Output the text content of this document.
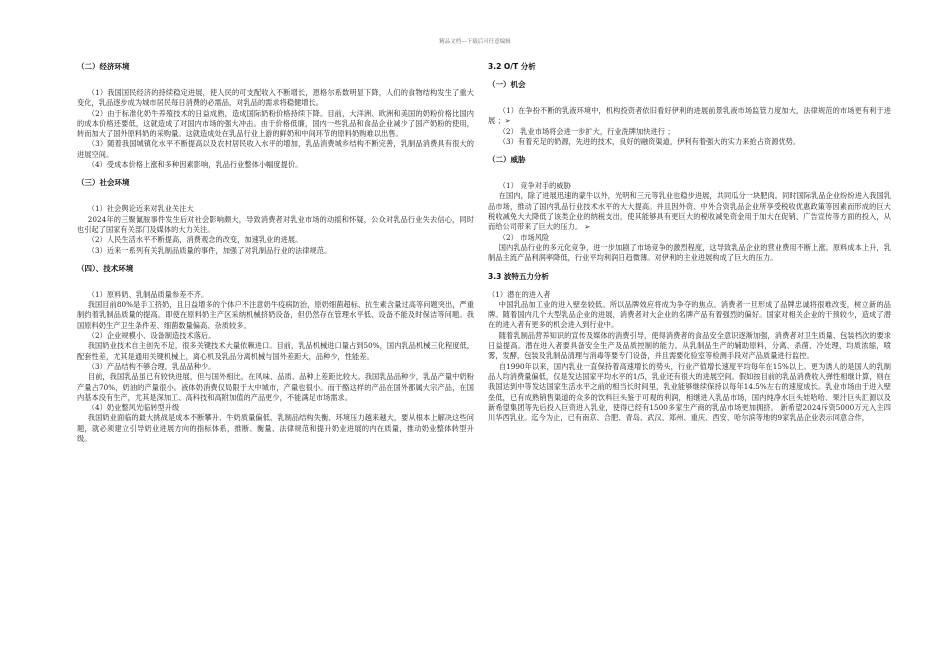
精品文档---下载后可任意编辑
（二）经济环境

（1）我国国民经济的持续稳定进展，使人民的可支配收入不断增长，恩格尔系数明显下降，人们的食物结构发生了重大变化，乳品逐步成为城市居民每日消费的必需品，对乳品的需求将稳健增长。

（2）由于标准化奶牛养殖技术的日益成熟，造成国际奶粉价格持续下降。目前，大洋洲、欧洲和美国的奶粉价格比国内的成本价格还要低，这就造成了对国内市场的强大冲击。由于价格低廉，国内一些乳品和食品企业减少了国产奶粉的使用，转而加大了国外原料奶的采购量。这就造成处在乳品行业上游的鲜奶和中间环节的原料奶购难以出售。

（3）随着我国城镇化水平不断提高以及农村居民收入水平的增加，乳品消费城乡结构不断完善，乳制品消费具有很大的进展空间。

（4）受成本价格上涨和多种因素影响，乳品行业整体小幅度提价。

（三）社会环境

（1）社会舆论近来对乳业关注大

2024年的三聚氰胺事件发生后对社会影响颇大，导致消费者对乳业市场的动摇和怀疑，公众对乳品行业失去信心，同时也引起了国家有关部门及媒体的大力关注。

（2）人民生活水平不断提高，消费观念的改变，加速乳业的进展。

（3）近来一系列有关乳制品质量的事件，加强了对乳制品行业的法律规范。

（四）、技术环境

（1）原料奶、乳制品质量参差不齐。

我国目前80%是手工挤奶，且日益增多的个体户不注意奶牛疫病防治，原奶细菌超标、抗生素含量过高等问题突出，严重制约着乳制品质量的提高。即使在原料奶主产区采纳机械挤奶设备，但仍然存在管理水平低、设备不能及时保洁等问题。我国原料奶生产卫生条件差、细菌数量偏高、杂质较多。

（2）企业规模小、设备制造技术落后。

我国奶业技术自主创先不足，很多关键技术大量依赖进口。目前，乳品机械进口量占到50%，国内乳品机械三化程度低，配套性差，尤其是通用关键机械上，离心机及乳品分离机械与国外差距大，品种少，性能差。

（3）产品结构不够合理，乳品品种少。

目前，我国乳品虽已有较快进展，但与国外相比，在风味、品质、品种上差距比较大。我国乳品品种少，乳品产量中奶粉产量占70%，奶油的产量很小。液体奶消费仅局限于大中城市，产量也很小。而干酪这样的产品在国外都属大宗产品，在国内基本没有生产，尤其是深加工、高科技和高附加值的产品更少，不能满足市场需求。

（4）奶业整风光临转型升级

我国奶业面临的最大挑战是成本不断攀升、牛奶质量偏低、乳制品结构失衡、环境压力越来越大，要从根本上解决这些问题，就必须建立引导奶业进展方向的指标体系，推断、衡量、法律规范和提升奶业进展的内在质量，推动奶业整体转型升级。

3.2 O/T 分析
（一）机会

（1）在争扮不断的乳液环境中，机构投资者依旧看好伊利的进展前景乳液市场监管力度加大，法律规范的市场更有利于进展 ；➢

（2） 乳业市场将会进一步扩大，行业洗牌加快进行 ；

（3）有着充足的奶源，先进的技术，良好的融资渠道，伊利有着强大的实力来抢占资源优势。

（二）威胁

（1） 竞争对手的威胁

在国内，除了进展迅速的蒙牛以外，光明和三元等乳业也稳步进展，共同瓜分一块肥肉。同时国际乳品企业纷纷进入我国乳品市场，推动了国内乳品行业技术水平的大大提高。并且因外资、中外合资乳品企业所享受税收优惠政策等因素而形成的巨大税收减免大大降低了该类企业的纳税支出，使其能够具有更巨大的税收减免资金用于加大在促销、广告宣传等方面的投入，从而给公司带来了巨大的压力。 ➢

（2） 市场风险

国内乳品行业的多元化竞争，进一步加剧了市场竞争的激烈程度，这导致乳品企业的营业费用不断上涨。原料成本上升，乳制品主流产品利润率降低，行业平均利润日趋微薄。对伊利的主业进展构成了巨大的压力。

3.3 波特五力分析

（1）潜在的进入者

中国乳品加工业的进入壁垒较低。所以品牌效应将成为争夺的焦点。消费者一旦形成了品牌忠诚将很难改变，树立新的品牌。随着国内几个大型乳品企业的进展，消费者对大企业的名牌产品有着强烈的偏好。国家对相关企业的干预较少，造成了潜在的进入者有更多的机会进入到行业中。

随着乳制品营养知识的宣传及媒体的消费引导，使得消费者的食品安全意识逐渐加强，消费者对卫生质量、包装档次的要求日益提高。潜在进入者要具备安全生产及品质控制的能力。从乳制品生产的辅助原料，分离、杀菌、冷处理，均质浓缩，喷雾，发酵，包装及乳制品清理与消毒等要专门设备，并且需要化验室等检测手段对产品质量进行监控。

自1990年以来，国内乳业一直保持着高速增长的势头，行业产值增长速度平均每年在15%以上。更为诱人的是国人的乳制品人均消费量偏低，仅是发达国家平均水平的1/5，乳业还有很大的进展空间。假如按目前的乳品消费收入弹性相继计算，则在我国达到中等发达国家生活水平之前的相当长时间里，乳业能够继续保持以每年14.5%左右的速度成长。乳业市场由于进入壁垒低，已有成熟销售渠道的众多的饮料巨头鉴于可观的利润，相继进入乳品市场，国内纯净水巨头娃哈哈、果汁巨头汇源以及新希望集团等先后投入巨资进入乳业，使得已经有1500多家生产商的乳品市场更加拥挤。 新希望2024斥资5000万元入主四川华西乳业。迄今为止，已有南京、合肥、青岛、武汉、郑州、重庆、西安、哈尔滨等地的9家乳品企业表示同意合作，
